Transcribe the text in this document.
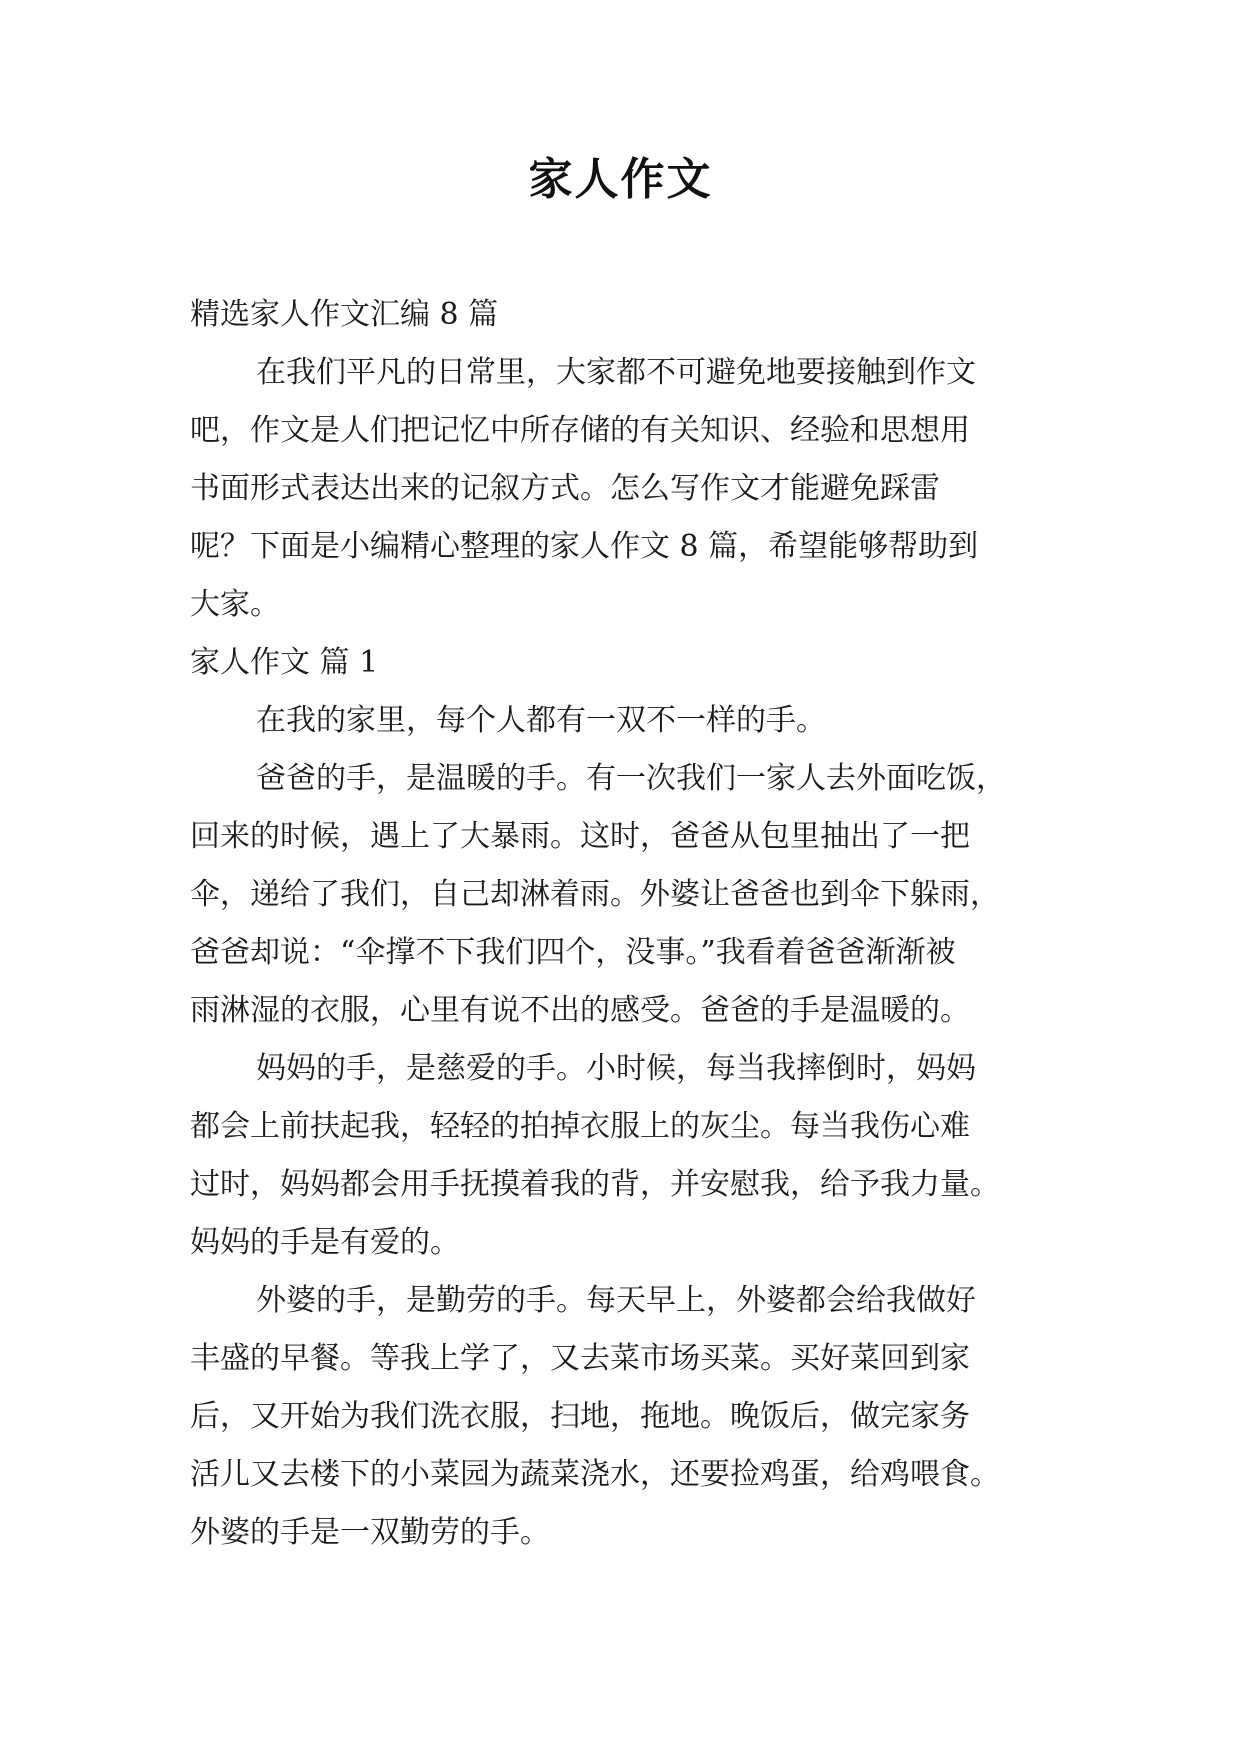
家人作文
精选家人作文汇编 8 篇
在我们平凡的日常里，大家都不可避免地要接触到作文
吧，作文是人们把记忆中所存储的有关知识、经验和思想用
书面形式表达出来的记叙方式。怎么写作文才能避免踩雷
呢？下面是小编精心整理的家人作文 8 篇，希望能够帮助到
大家。
家人作文 篇 1
在我的家里，每个人都有一双不一样的手。
爸爸的手，是温暖的手。有一次我们一家人去外面吃饭，
回来的时候，遇上了大暴雨。这时，爸爸从包里抽出了一把
伞，递给了我们，自己却淋着雨。外婆让爸爸也到伞下躲雨，
爸爸却说：“伞撑不下我们四个，没事。”我看着爸爸渐渐被
雨淋湿的衣服，心里有说不出的感受。爸爸的手是温暖的。
妈妈的手，是慈爱的手。小时候，每当我摔倒时，妈妈
都会上前扶起我，轻轻的拍掉衣服上的灰尘。每当我伤心难
过时，妈妈都会用手抚摸着我的背，并安慰我，给予我力量。
妈妈的手是有爱的。
外婆的手，是勤劳的手。每天早上，外婆都会给我做好
丰盛的早餐。等我上学了，又去菜市场买菜。买好菜回到家
后，又开始为我们洗衣服，扫地，拖地。晚饭后，做完家务
活儿又去楼下的小菜园为蔬菜浇水，还要捡鸡蛋，给鸡喂食。
外婆的手是一双勤劳的手。
